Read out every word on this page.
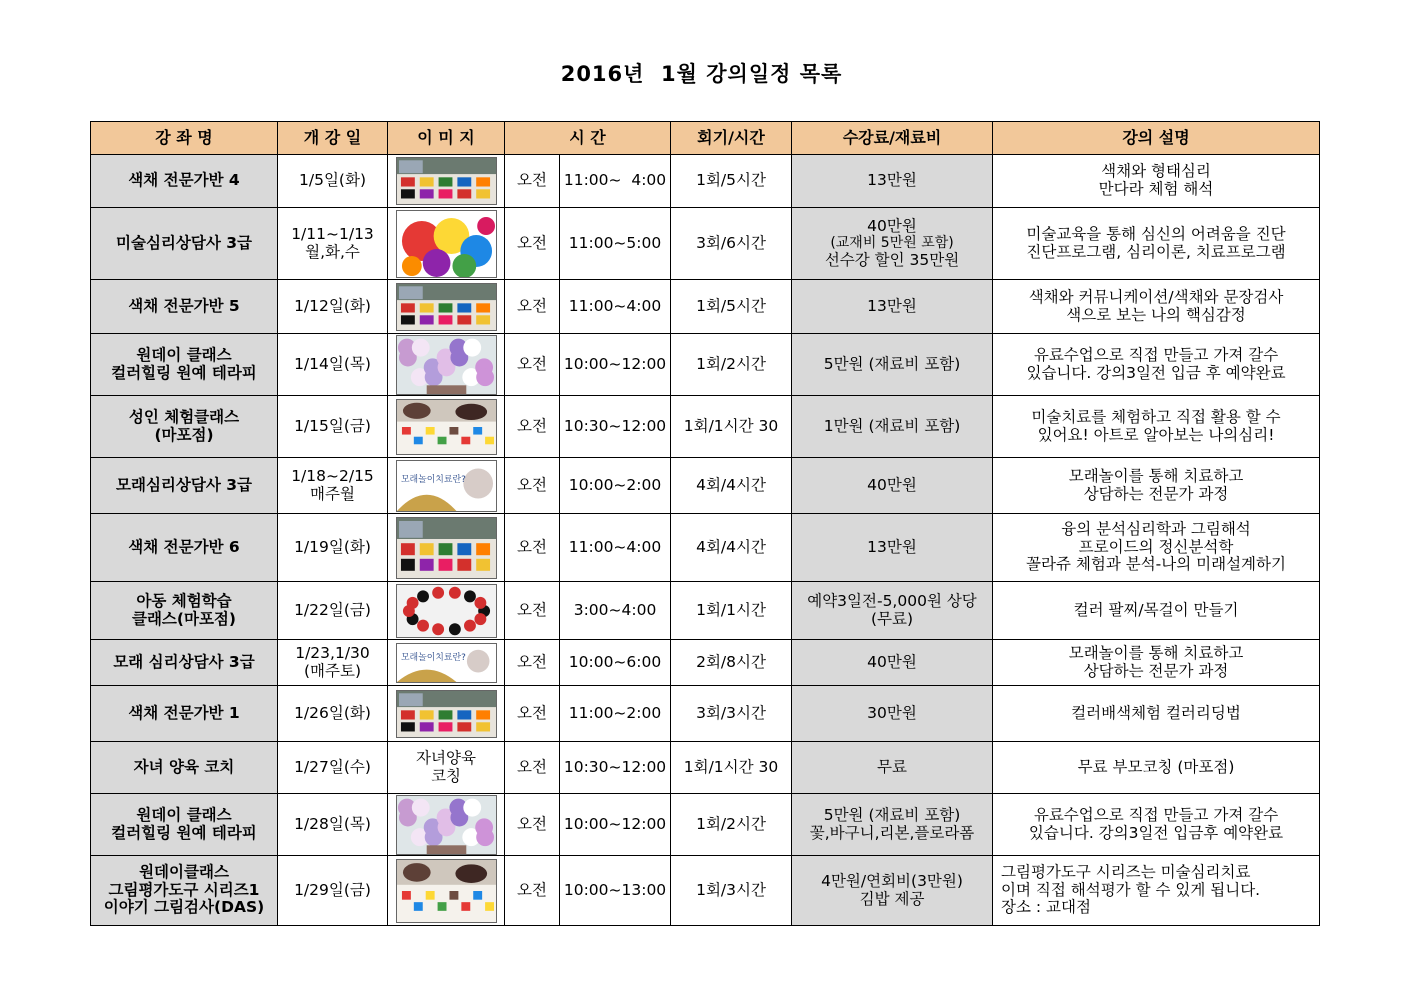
2016년  1월 강의일정 목록
강 좌 명	개 강 일	이 미 지	시 간		회기/시간	수강료/재료비	강의 설명

색채 전문가반 4	1/5일(화)		오전	11:00~  4:00	1회/5시간	13만원	색채와 형태심리
만다라 체험 해석

미술심리상담사 3급	1/11~1/13
월,화,수		오전	11:00~5:00	3회/6시간	40만원
(교재비 5만원 포함)
선수강 할인 35만원	미술교육을 통해 심신의 어려움을 진단
진단프로그램, 심리이론, 치료프로그램

색채 전문가반 5	1/12일(화)		오전	11:00~4:00	1회/5시간	13만원	색채와 커뮤니케이션/색채와 문장검사
색으로 보는 나의 핵심감정

원데이 클래스
컬러힐링 원예 테라피	1/14일(목)		오전	10:00~12:00	1회/2시간	5만원 (재료비 포함)	유료수업으로 직접 만들고 가져 갈수
있습니다. 강의3일전 입금 후 예약완료

성인 체험클래스
(마포점)	1/15일(금)		오전	10:30~12:00	1회/1시간 30	1만원 (재료비 포함)	미술치료를 체험하고 직접 활용 할 수
있어요! 아트로 알아보는 나의심리!

모래심리상담사 3급	1/18~2/15
매주월	모래놀이치료란?	오전	10:00~2:00	4회/4시간	40만원	모래놀이를 통해 치료하고
상담하는 전문가 과정

색채 전문가반 6	1/19일(화)		오전	11:00~4:00	4회/4시간	13만원	융의 분석심리학과 그림해석
프로이드의 정신분석학
꼴라쥬 체험과 분석-나의 미래설계하기

아동 체험학습
클래스(마포점)	1/22일(금)		오전	3:00~4:00	1회/1시간	예약3일전-5,000원 상당
(무료)	컬러 팔찌/목걸이 만들기

모래 심리상담사 3급	1/23,1/30
(매주토)	모래놀이치료란?	오전	10:00~6:00	2회/8시간	40만원	모래놀이를 통해 치료하고
상담하는 전문가 과정

색채 전문가반 1	1/26일(화)		오전	11:00~2:00	3회/3시간	30만원	컬러배색체험 컬러리딩법

자녀 양육 코치	1/27일(수)	자녀양육
코칭	오전	10:30~12:00	1회/1시간 30	무료	무료 부모코칭 (마포점)

원데이 클래스
컬러힐링 원예 테라피	1/28일(목)		오전	10:00~12:00	1회/2시간	5만원 (재료비 포함)
꽃,바구니,리본,플로라폼	유료수업으로 직접 만들고 가져 갈수
있습니다. 강의3일전 입금후 예약완료

원데이클래스
그림평가도구 시리즈1
이야기 그림검사(DAS)	1/29일(금)		오전	10:00~13:00	1회/3시간	4만원/연회비(3만원)
김밥 제공	그림평가도구 시리즈는 미술심리치료
이며 직접 해석평가 할 수 있게 됩니다.
장소 : 교대점
